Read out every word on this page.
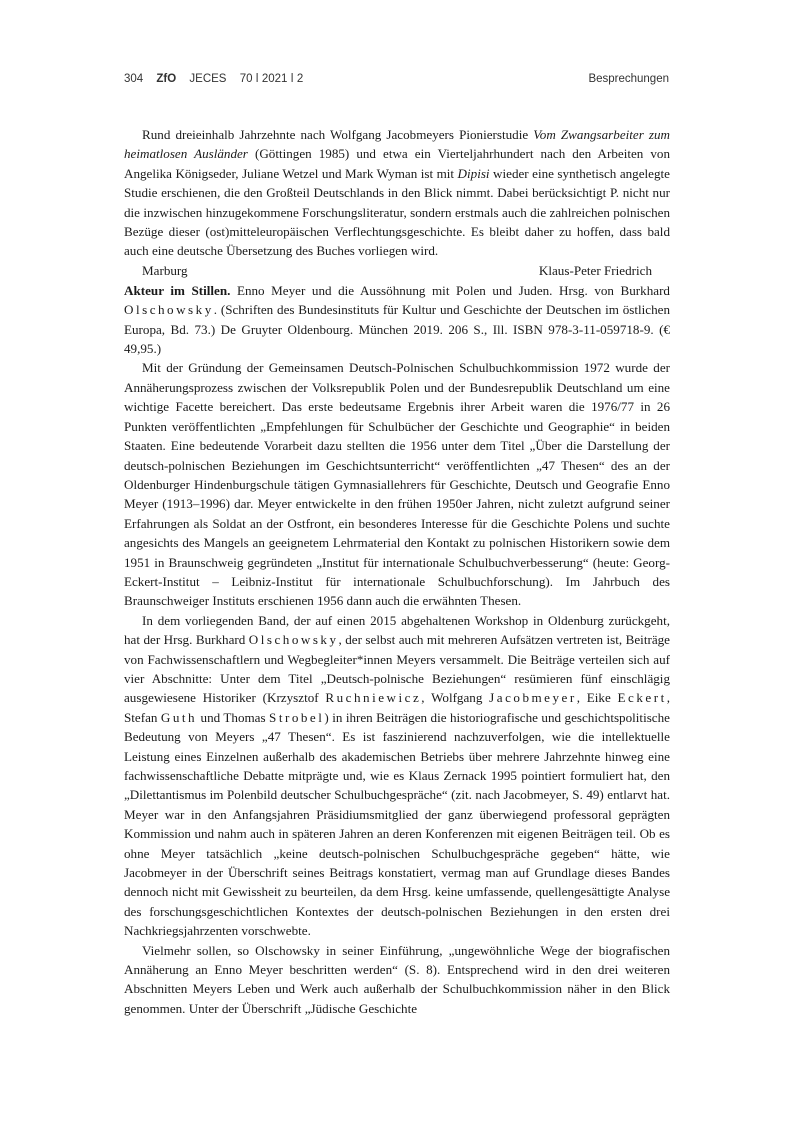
304 ZfO JECES 70 ǀ 2021 ǀ 2	Besprechungen

Rund dreieinhalb Jahrzehnte nach Wolfgang Jacobmeyers Pionierstudie Vom Zwangsarbeiter zum heimatlosen Ausländer (Göttingen 1985) und etwa ein Vierteljahrhundert nach den Arbeiten von Angelika Königseder, Juliane Wetzel und Mark Wyman ist mit Dipisi wieder eine synthetisch angelegte Studie erschienen, die den Großteil Deutschlands in den Blick nimmt. Dabei berücksichtigt P. nicht nur die inzwischen hinzugekommene Forschungsliteratur, sondern erstmals auch die zahlreichen polnischen Bezüge dieser (ost)mitteleuropäischen Verflechtungsgeschichte. Es bleibt daher zu hoffen, dass bald auch eine deutsche Übersetzung des Buches vorliegen wird.

Marburg	Klaus-Peter Friedrich

Akteur im Stillen. Enno Meyer und die Aussöhnung mit Polen und Juden. Hrsg. von Burkhard Olschowsky. (Schriften des Bundesinstituts für Kultur und Geschichte der Deutschen im östlichen Europa, Bd. 73.) De Gruyter Oldenbourg. München 2019. 206 S., Ill. ISBN 978-3-11-059718-9. (€ 49,95.)

Mit der Gründung der Gemeinsamen Deutsch-Polnischen Schulbuchkommission 1972 wurde der Annäherungsprozess zwischen der Volksrepublik Polen und der Bundesrepublik Deutschland um eine wichtige Facette bereichert. Das erste bedeutsame Ergebnis ihrer Arbeit waren die 1976/77 in 26 Punkten veröffentlichten „Empfehlungen für Schulbücher der Geschichte und Geographie“ in beiden Staaten. Eine bedeutende Vorarbeit dazu stellten die 1956 unter dem Titel „Über die Darstellung der deutsch-polnischen Beziehungen im Geschichtsunterricht“ veröffentlichten „47 Thesen“ des an der Oldenburger Hindenburgschule tätigen Gymnasiallehrers für Geschichte, Deutsch und Geografie Enno Meyer (1913–1996) dar. Meyer entwickelte in den frühen 1950er Jahren, nicht zuletzt aufgrund seiner Erfahrungen als Soldat an der Ostfront, ein besonderes Interesse für die Geschichte Polens und suchte angesichts des Mangels an geeignetem Lehrmaterial den Kontakt zu polnischen Historikern sowie dem 1951 in Braunschweig gegründeten „Institut für internationale Schulbuchverbesserung“ (heute: Georg-Eckert-Institut – Leibniz-Institut für internationale Schulbuchforschung). Im Jahrbuch des Braunschweiger Instituts erschienen 1956 dann auch die erwähnten Thesen.

In dem vorliegenden Band, der auf einen 2015 abgehaltenen Workshop in Oldenburg zurückgeht, hat der Hrsg. Burkhard Olschowsky, der selbst auch mit mehreren Aufsätzen vertreten ist, Beiträge von Fachwissenschaftlern und Wegbegleiter*innen Meyers versammelt. Die Beiträge verteilen sich auf vier Abschnitte: Unter dem Titel „Deutsch-polnische Beziehungen“ resümieren fünf einschlägig ausgewiesene Historiker (Krzysztof Ruchniewicz, Wolfgang Jacobmeyer, Eike Eckert, Stefan Guth und Thomas Strobel) in ihren Beiträgen die historiografische und geschichtspolitische Bedeutung von Meyers „47 Thesen“. Es ist faszinierend nachzuverfolgen, wie die intellektuelle Leistung eines Einzelnen außerhalb des akademischen Betriebs über mehrere Jahrzehnte hinweg eine fachwissenschaftliche Debatte mitprägte und, wie es Klaus Zernack 1995 pointiert formuliert hat, den „Dilettantismus im Polenbild deutscher Schulbuchgespräche“ (zit. nach Jacobmeyer, S. 49) entlarvt hat. Meyer war in den Anfangsjahren Präsidiumsmitglied der ganz überwiegend professoral geprägten Kommission und nahm auch in späteren Jahren an deren Konferenzen mit eigenen Beiträgen teil. Ob es ohne Meyer tatsächlich „keine deutsch-polnischen Schulbuchgespräche gegeben“ hätte, wie Jacobmeyer in der Überschrift seines Beitrags konstatiert, vermag man auf Grundlage dieses Bandes dennoch nicht mit Gewissheit zu beurteilen, da dem Hrsg. keine umfassende, quellengesättigte Analyse des forschungsgeschichtlichen Kontextes der deutsch-polnischen Beziehungen in den ersten drei Nachkriegsjahrzenten vorschwebte.

Vielmehr sollen, so Olschowsky in seiner Einführung, „ungewöhnliche Wege der biografischen Annäherung an Enno Meyer beschritten werden“ (S. 8). Entsprechend wird in den drei weiteren Abschnitten Meyers Leben und Werk auch außerhalb der Schulbuchkommission näher in den Blick genommen. Unter der Überschrift „Jüdische Geschichte
